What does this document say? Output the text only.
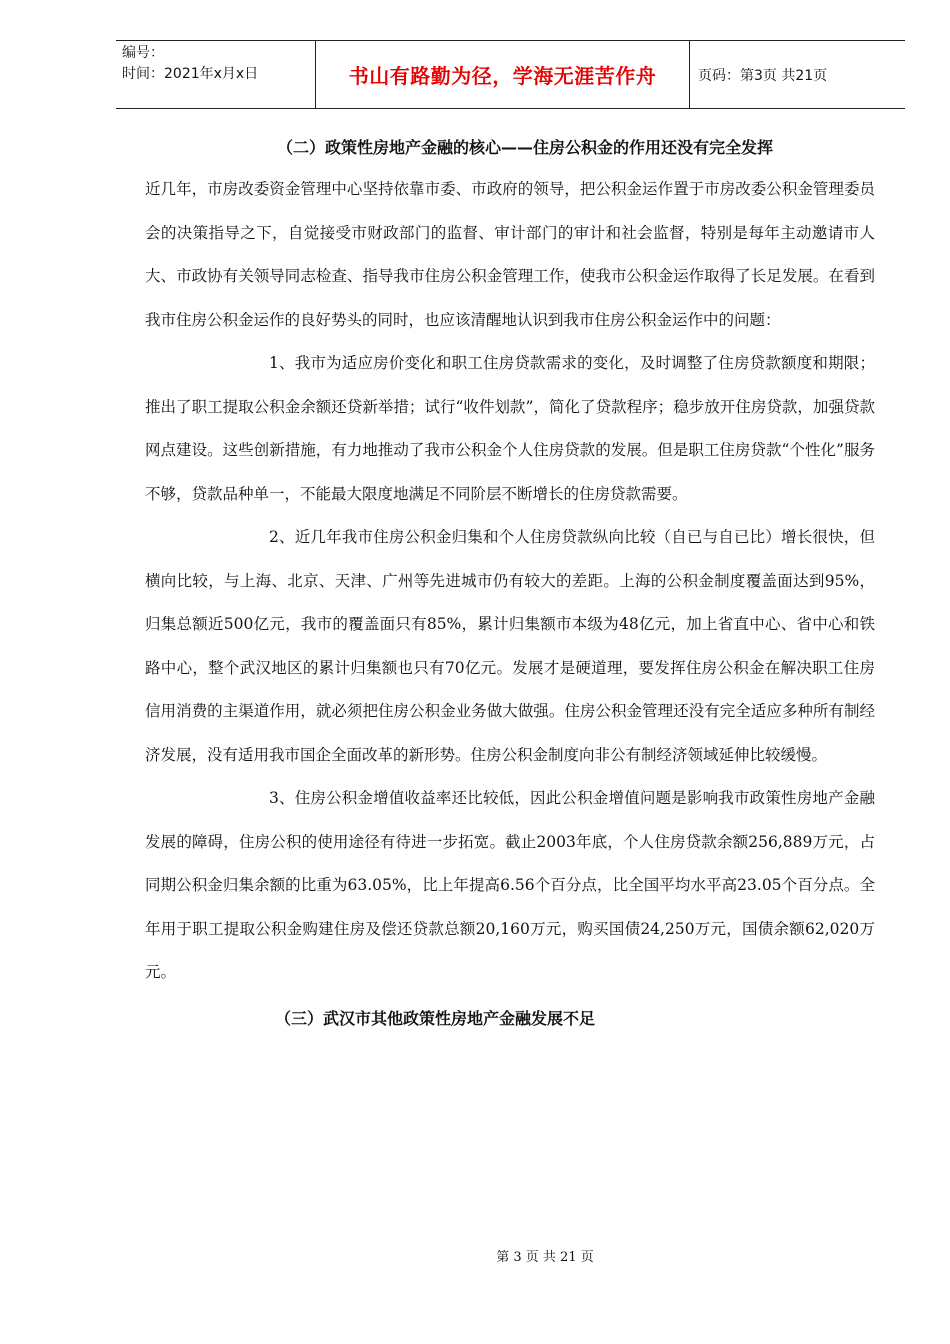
编号：
时间：2021年x月x日	书山有路勤为径，学海无涯苦作舟	页码：第3页 共21页

（二）政策性房地产金融的核心——住房公积金的作用还没有完全发挥

近几年，市房改委资金管理中心坚持依靠市委、市政府的领导，把公积金运作置于市房改委公积金管理委员会的决策指导之下，自觉接受市财政部门的监督、审计部门的审计和社会监督，特别是每年主动邀请市人大、市政协有关领导同志检查、指导我市住房公积金管理工作，使我市公积金运作取得了长足发展。在看到我市住房公积金运作的良好势头的同时，也应该清醒地认识到我市住房公积金运作中的问题：

1、我市为适应房价变化和职工住房贷款需求的变化，及时调整了住房贷款额度和期限；推出了职工提取公积金余额还贷新举措；试行“收件划款”，简化了贷款程序；稳步放开住房贷款，加强贷款网点建设。这些创新措施，有力地推动了我市公积金个人住房贷款的发展。但是职工住房贷款“个性化”服务不够，贷款品种单一，不能最大限度地满足不同阶层不断增长的住房贷款需要。

2、近几年我市住房公积金归集和个人住房贷款纵向比较（自已与自已比）增长很快，但横向比较，与上海、北京、天津、广州等先进城市仍有较大的差距。上海的公积金制度覆盖面达到95%，归集总额近500亿元，我市的覆盖面只有85%，累计归集额市本级为48亿元，加上省直中心、省中心和铁路中心，整个武汉地区的累计归集额也只有70亿元。发展才是硬道理，要发挥住房公积金在解决职工住房信用消费的主渠道作用，就必须把住房公积金业务做大做强。住房公积金管理还没有完全适应多种所有制经济发展，没有适用我市国企全面改革的新形势。住房公积金制度向非公有制经济领域延伸比较缓慢。

3、住房公积金增值收益率还比较低，因此公积金增值问题是影响我市政策性房地产金融发展的障碍，住房公积的使用途径有待进一步拓宽。截止2003年底，个人住房贷款余额256,889万元，占同期公积金归集余额的比重为63.05%，比上年提高6.56个百分点，比全国平均水平高23.05个百分点。全年用于职工提取公积金购建住房及偿还贷款总额20,160万元，购买国债24,250万元，国债余额62,020万元。

（三）武汉市其他政策性房地产金融发展不足

第 3 页 共 21 页
